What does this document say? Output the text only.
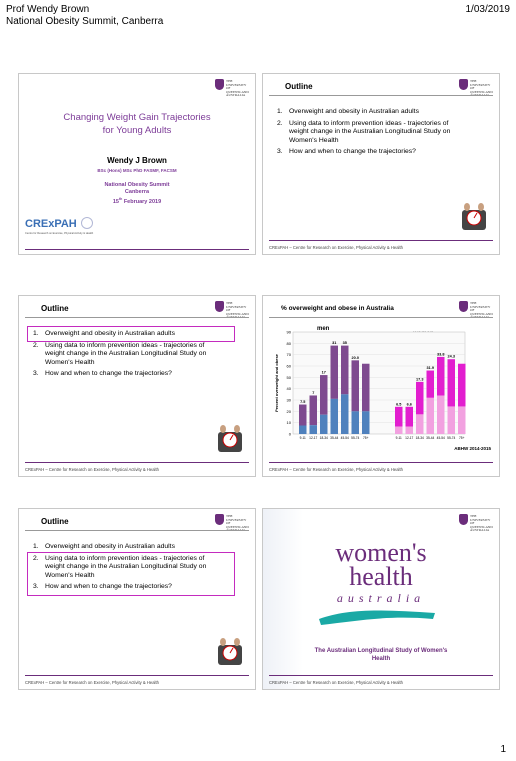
Prof Wendy Brown
National Obesity Summit, Canberra
1/03/2019
THE UNIVERSITY
OF QUEENSLAND
AUSTRALIA
Changing Weight Gain Trajectories
for Young Adults
Wendy J Brown
BSc (Hons) MSc PhD FASMF, FACSM
National Obesity Summit
Canberra
15th February 2019
CRExPAH
Centre for Research on Exercise, Physical Activity & Health
THE UNIVERSITY
OF QUEENSLAND

Outline
1. Overweight and obesity in Australian adults
2. Using data to inform prevention ideas - trajectories of weight change in the Australian Longitudinal Study on Women's Health
3. How and when to change the trajectories?
CRExPAH – Centre for Research on Exercise, Physical Activity & Health
THE UNIVERSITY
OF QUEENSLAND

Outline
1. Overweight and obesity in Australian adults
2. Using data to inform prevention ideas - trajectories of weight change in the Australian Longitudinal Study on Women's Health
3. How and when to change the trajectories?
CRExPAH – Centre for Research on Exercise, Physical Activity & Health
THE UNIVERSITY
OF QUEENSLAND

% overweight and obese in Australia
men
0
10
20
30
40
50
60
70
80
90
Percent overweight and obese	7.5
9-11
7
12-17
17
18-34
31
35-44
35
45-54
20.0
55-74 75+
6.5
9-11
6.6
12-17
17.3
18-34
31.9
35-44
33.8
45-54
24.3
55-74 75+
ABHW 2014-2015
CRExPAH – Centre for Research on Exercise, Physical Activity & Health
THE UNIVERSITY
OF QUEENSLAND

Outline
1. Overweight and obesity in Australian adults
2. Using data to inform prevention ideas - trajectories of weight change in the Australian Longitudinal Study on Women's Health
3. How and when to change the trajectories?
CRExPAH – Centre for Research on Exercise, Physical Activity & Health
THE UNIVERSITY
OF QUEENSLAND
AUSTRALIA
women's
health
australia
The Australian Longitudinal Study of Women's
Health
CRExPAH – Centre for Research on Exercise, Physical Activity & Health
1
